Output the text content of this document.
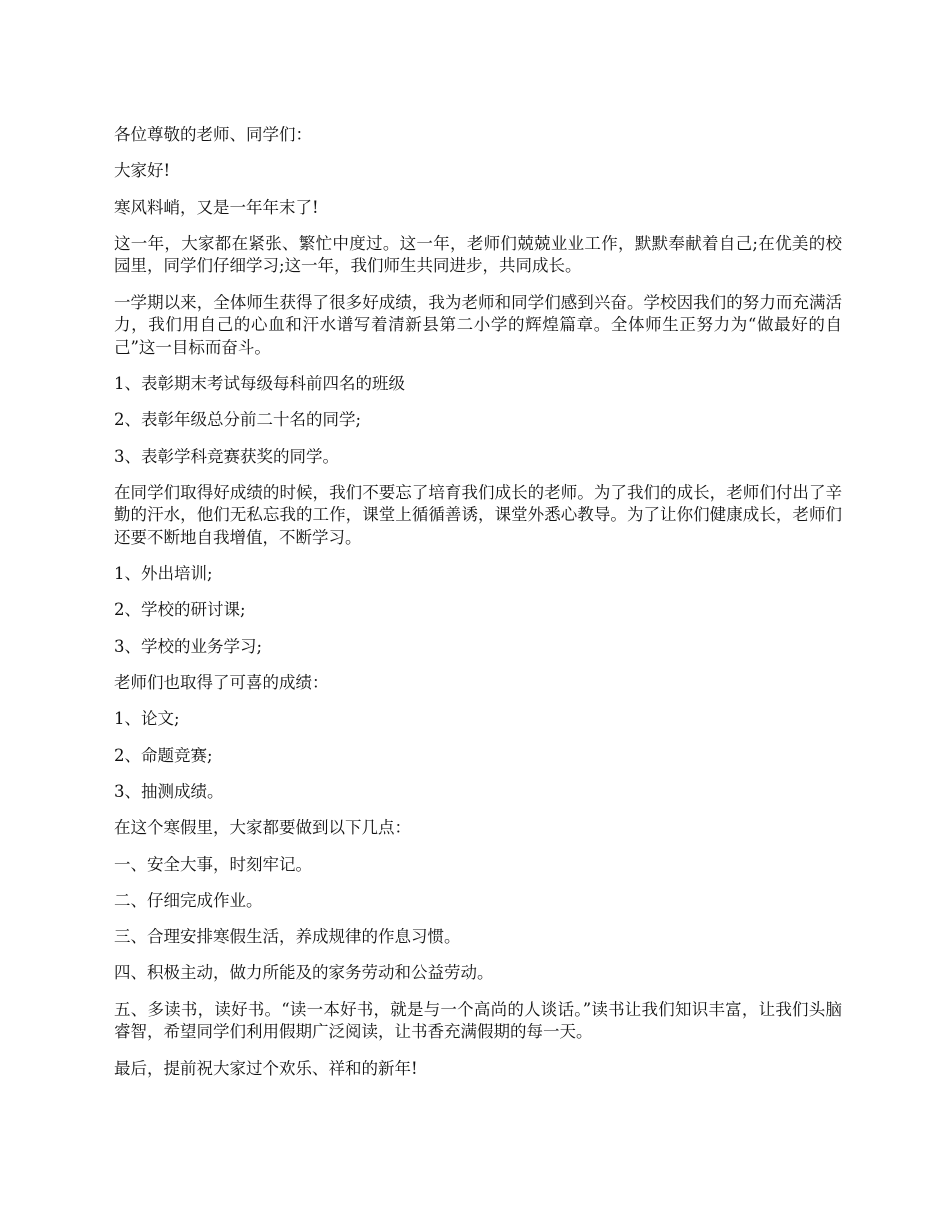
各位尊敬的老师、同学们：

大家好!

寒风料峭，又是一年年末了!

这一年，大家都在紧张、繁忙中度过。这一年，老师们兢兢业业工作，默默奉献着自己;在优美的校园里，同学们仔细学习;这一年，我们师生共同进步，共同成长。

一学期以来，全体师生获得了很多好成绩，我为老师和同学们感到兴奋。学校因我们的努力而充满活力，我们用自己的心血和汗水谱写着清新县第二小学的辉煌篇章。全体师生正努力为“做最好的自己”这一目标而奋斗。

1、表彰期末考试每级每科前四名的班级

2、表彰年级总分前二十名的同学;

3、表彰学科竞赛获奖的同学。

在同学们取得好成绩的时候，我们不要忘了培育我们成长的老师。为了我们的成长，老师们付出了辛勤的汗水，他们无私忘我的工作，课堂上循循善诱，课堂外悉心教导。为了让你们健康成长，老师们还要不断地自我增值，不断学习。

1、外出培训;

2、学校的研讨课;

3、学校的业务学习;

老师们也取得了可喜的成绩：

1、论文;

2、命题竞赛;

3、抽测成绩。

在这个寒假里，大家都要做到以下几点：

一、安全大事，时刻牢记。

二、仔细完成作业。

三、合理安排寒假生活，养成规律的作息习惯。

四、积极主动，做力所能及的家务劳动和公益劳动。

五、多读书，读好书。“读一本好书，就是与一个高尚的人谈话。”读书让我们知识丰富，让我们头脑睿智，希望同学们利用假期广泛阅读，让书香充满假期的每一天。

最后，提前祝大家过个欢乐、祥和的新年!
